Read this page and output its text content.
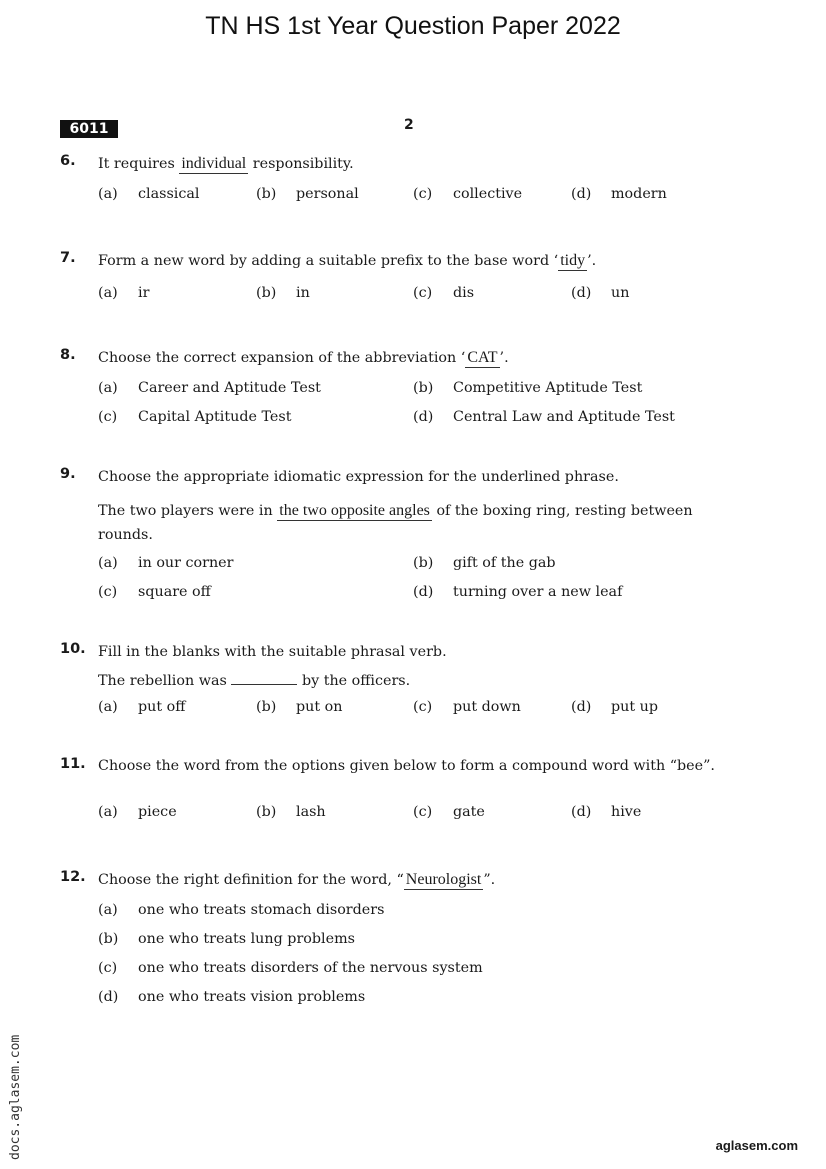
TN HS 1st Year Question Paper 2022
6011	2
6. It requires individual responsibility.
(a) classical	(b) personal	(c) collective	(d) modern
7. Form a new word by adding a suitable prefix to the base word ‘ tidy ’.
(a) ir	(b) in	(c) dis	(d) un
8. Choose the correct expansion of the abbreviation ‘ CAT ’.
(a) Career and Aptitude Test	(b) Competitive Aptitude Test
(c) Capital Aptitude Test	(d) Central Law and Aptitude Test
9. Choose the appropriate idiomatic expression for the underlined phrase.
The two players were in the two opposite angles of the boxing ring, resting between rounds.
(a) in our corner	(b) gift of the gab
(c) square off	(d) turning over a new leaf
10. Fill in the blanks with the suitable phrasal verb.
The rebellion was	by the officers.
(a) put off	(b) put on	(c) put down	(d) put up
11. Choose the word from the options given below to form a compound word with “bee”.
(a) piece	(b) lash	(c) gate	(d) hive
12. Choose the right definition for the word, “ Neurologist ”.
(a) one who treats stomach disorders
(b) one who treats lung problems
(c) one who treats disorders of the nervous system
(d) one who treats vision problems
docs.aglasem.com	aglasem.com
